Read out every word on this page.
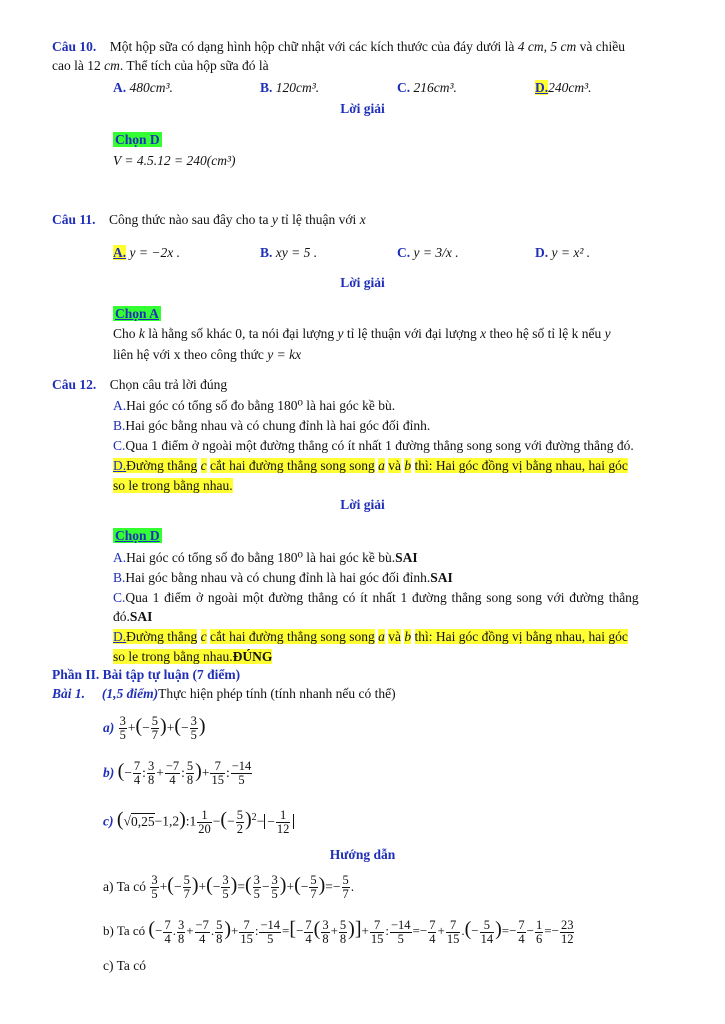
Câu 10. Một hộp sữa có dạng hình hộp chữ nhật với các kích thước của đáy dưới là 4 cm, 5 cm và chiều
cao là 12 cm. Thể tích của hộp sữa đó là
A. 480cm³.	B. 120cm³.	C. 216cm³.	D.240cm³.
Lời giải
Chọn D
V = 4.5.12 = 240(cm³)
Câu 11. Công thức nào sau đây cho ta y tỉ lệ thuận với x
A. y = −2x .	B. xy = 5 .	C. y = 3/x .	D. y = x² .
Lời giải
Chọn A
Cho k là hằng số khác 0, ta nói đại lượng y tỉ lệ thuận với đại lượng x theo hệ số tỉ lệ k nếu y
liên hệ với x theo công thức y = kx
Câu 12. Chọn câu trả lời đúng
A.Hai góc có tổng số đo bằng 180⁰ là hai góc kề bù.
B.Hai góc bằng nhau và có chung đỉnh là hai góc đối đỉnh.
C.Qua 1 điểm ở ngoài một đường thẳng có ít nhất 1 đường thẳng song song với đường thẳng đó.
D.Đường thẳng c cắt hai đường thẳng song song a và b thì: Hai góc đồng vị bằng nhau, hai góc
so le trong bằng nhau.
Lời giải
Chọn D
A.Hai góc có tổng số đo bằng 180⁰ là hai góc kề bù.SAI
B.Hai góc bằng nhau và có chung đỉnh là hai góc đối đỉnh.SAI
C.Qua 1 điểm ở ngoài một đường thẳng có ít nhất 1 đường thẳng song song với đường thẳng
đó.SAI
D.Đường thẳng c cắt hai đường thẳng song song a và b thì: Hai góc đồng vị bằng nhau, hai góc
so le trong bằng nhau.ĐÚNG
Phần II. Bài tập tự luận (7 điểm)
Bài 1. (1,5 điểm)Thực hiện phép tính (tính nhanh nếu có thể)
$a) \frac{3}{5}$ +(− $\frac{5}{7}$ )+(− $\frac{3}{5}$ )
b) (− $\frac{7}{4}$ : $\frac{3}{8} + \frac{-7}{4}$ : $\frac{5}{8}$ )+ $\frac{7}{15}$ : $\frac{-14}{5}$
c) (√0,25−1,2):1 $\frac{1}{20}$ −(− $\frac{5}{2} )^2- - \frac{1}{12}$
Hướng dẫn
a) Ta có $\frac{3}{5}$ +(− $\frac{5}{7}$ )+(− $\frac{3}{5}$ )=( $\frac{3}{5} - \frac{3}{5}$ )+(− $\frac{5}{7}$ )=− $\frac{5}{7}$ .
b) Ta có (− $\frac{7}{4}$ . $\frac{3}{8} + \frac{-7}{4}$ . $\frac{5}{8}$ )+ $\frac{7}{15}$ : $\frac{-14}{5}$ =[− $\frac{7}{4}$ ( $\frac{3}{8} + \frac{5}{8}$ )]+ $\frac{7}{15}$ : $\frac{-14}{5} =- \frac{7}{4} + \frac{7}{15}$ .(− $\frac{5}{14}$ )=− $\frac{7}{4} - \frac{1}{6} =- \frac{23}{12}$
c) Ta có
